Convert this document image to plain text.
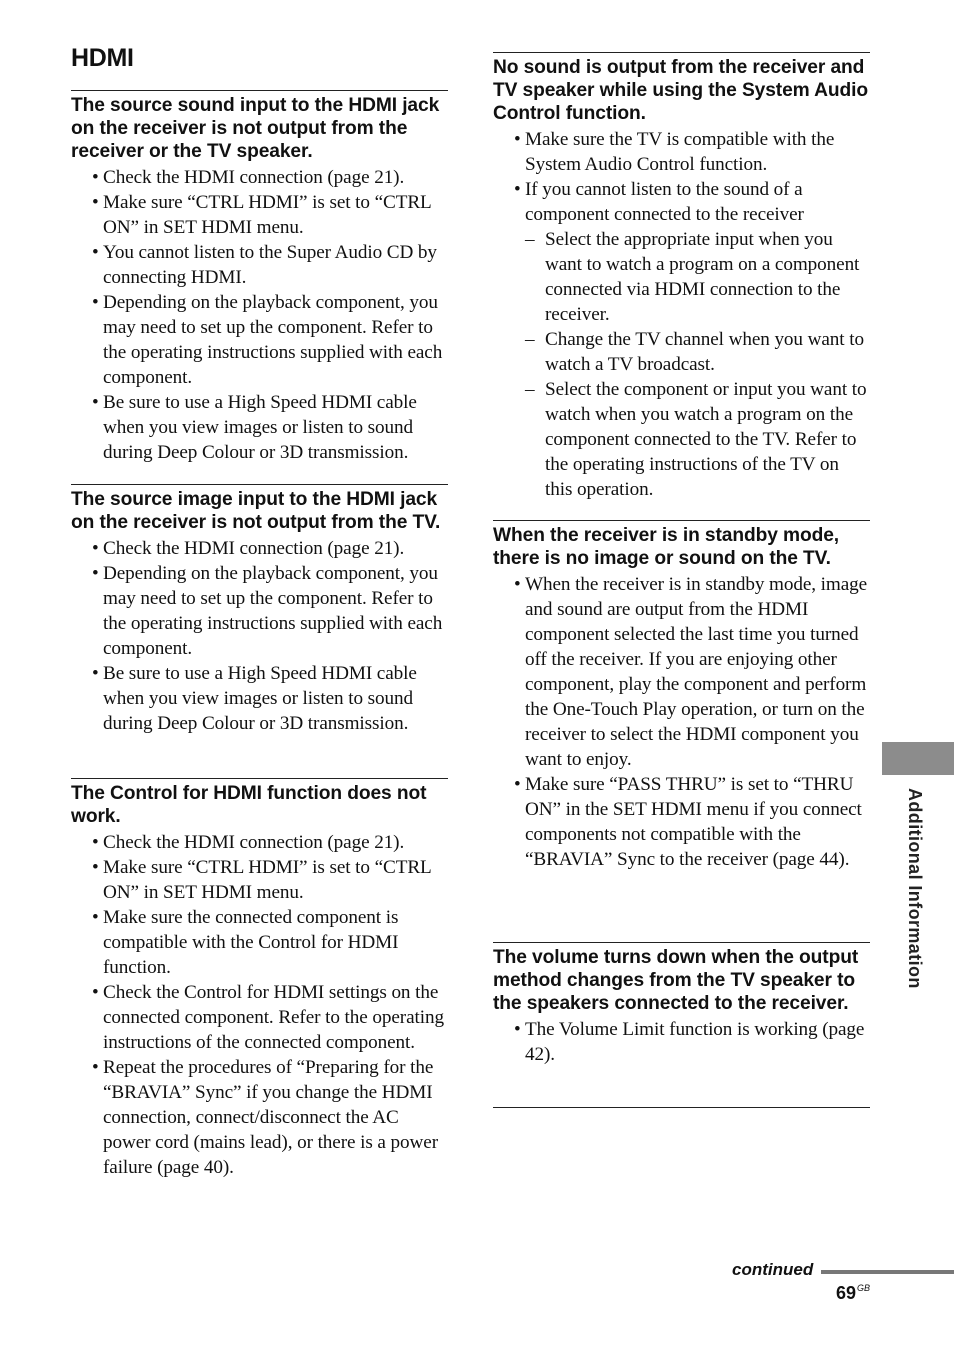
HDMI
The source sound input to the HDMI jack on the receiver is not output from the receiver or the TV speaker.
• Check the HDMI connection (page 21).
• Make sure “CTRL HDMI” is set to “CTRL ON” in SET HDMI menu.
• You cannot listen to the Super Audio CD by connecting HDMI.
• Depending on the playback component, you may need to set up the component. Refer to the operating instructions supplied with each component.
• Be sure to use a High Speed HDMI cable when you view images or listen to sound during Deep Colour or 3D transmission.
The source image input to the HDMI jack on the receiver is not output from the TV.
• Check the HDMI connection (page 21).
• Depending on the playback component, you may need to set up the component. Refer to the operating instructions supplied with each component.
• Be sure to use a High Speed HDMI cable when you view images or listen to sound during Deep Colour or 3D transmission.
The Control for HDMI function does not work.
• Check the HDMI connection (page 21).
• Make sure “CTRL HDMI” is set to “CTRL ON” in SET HDMI menu.
• Make sure the connected component is compatible with the Control for HDMI function.
• Check the Control for HDMI settings on the connected component. Refer to the operating instructions of the connected component.
• Repeat the procedures of “Preparing for the “BRAVIA” Sync” if you change the HDMI connection, connect/disconnect the AC power cord (mains lead), or there is a power failure (page 40).
No sound is output from the receiver and TV speaker while using the System Audio Control function.
• Make sure the TV is compatible with the System Audio Control function.
• If you cannot listen to the sound of a component connected to the receiver
– Select the appropriate input when you want to watch a program on a component connected via HDMI connection to the receiver.
– Change the TV channel when you want to watch a TV broadcast.
– Select the component or input you want to watch when you watch a program on the component connected to the TV. Refer to the operating instructions of the TV on this operation.
When the receiver is in standby mode, there is no image or sound on the TV.
• When the receiver is in standby mode, image and sound are output from the HDMI component selected the last time you turned off the receiver. If you are enjoying other component, play the component and perform the One-Touch Play operation, or turn on the receiver to select the HDMI component you want to enjoy.
• Make sure “PASS THRU” is set to “THRU ON” in the SET HDMI menu if you connect components not compatible with the “BRAVIA” Sync to the receiver (page 44).
The volume turns down when the output method changes from the TV speaker to the speakers connected to the receiver.
• The Volume Limit function is working (page 42).
Additional Information
continued
$69^{GB}$
